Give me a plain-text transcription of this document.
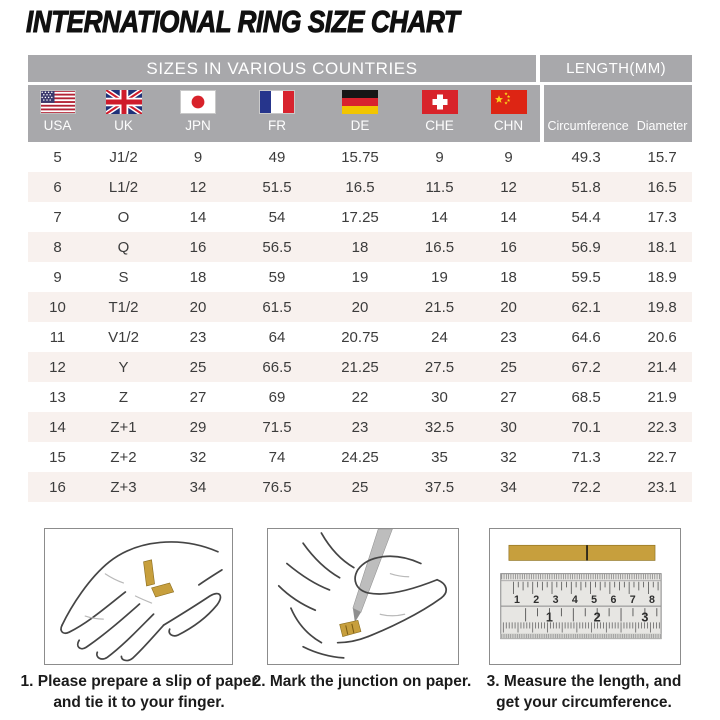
INTERNATIONAL RING SIZE CHART
SIZES IN VARIOUS COUNTRIES							LENGTH(MM)	

USA	UK	JPN	FR	DE	CHE	CHN	Circumference	Diameter

5	J1/2	9	49	15.75	9	9	49.3	15.7
6	L1/2	12	51.5	16.5	11.5	12	51.8	16.5
7	O	14	54	17.25	14	14	54.4	17.3
8	Q	16	56.5	18	16.5	16	56.9	18.1
9	S	18	59	19	19	18	59.5	18.9
10	T1/2	20	61.5	20	21.5	20	62.1	19.8
11	V1/2	23	64	20.75	24	23	64.6	20.6
12	Y	25	66.5	21.25	27.5	25	67.2	21.4
13	Z	27	69	22	30	27	68.5	21.9
14	Z+1	29	71.5	23	32.5	30	70.1	22.3
15	Z+2	32	74	24.25	35	32	71.3	22.7
16	Z+3	34	76.5	25	37.5	34	72.2	23.1
1 2 3 4 5 6 7 8
1	2	3
1. Please prepare a slip of paper
and tie it to your finger.
2. Mark the junction on paper. 3. Measure the length, and
get your circumference.
